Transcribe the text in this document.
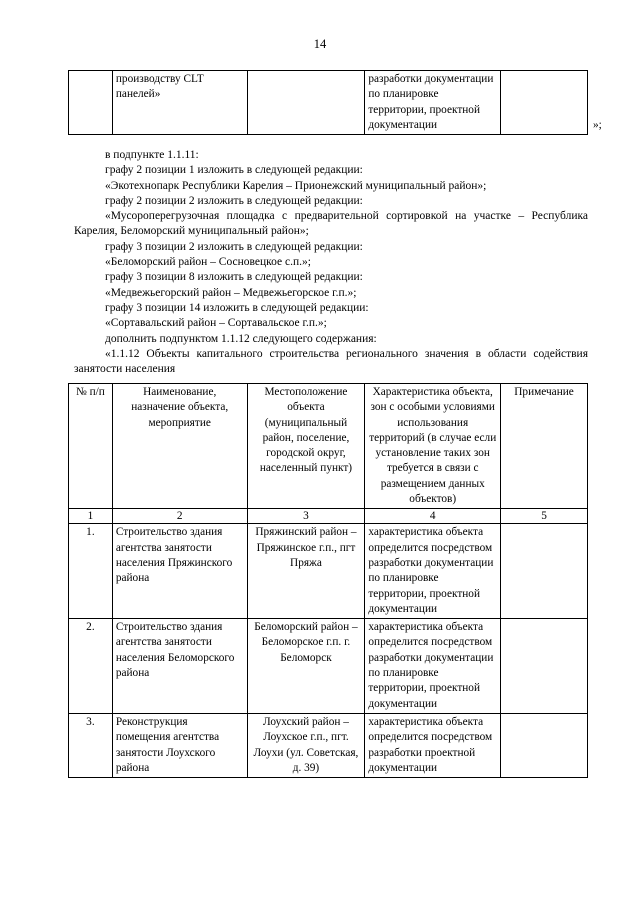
14
	производству CLT панелей»		разработки документации по планировке территории, проектной документации		»;

в подпункте 1.1.11:

графу 2 позиции 1 изложить в следующей редакции:

«Экотехнопарк Республики Карелия – Прионежский муниципальный район»;

графу 2 позиции 2 изложить в следующей редакции:

«Мусороперегрузочная площадка с предварительной сортировкой на участке – Республика Карелия, Беломорский муниципальный район»;

графу 3 позиции 2 изложить в следующей редакции:

«Беломорский район – Сосновецкое с.п.»;

графу 3 позиции 8 изложить в следующей редакции:

«Медвежьегорский район – Медвежьегорское г.п.»;

графу 3 позиции 14 изложить в следующей редакции:

«Сортавальский район – Сортавальское г.п.»;

дополнить подпунктом 1.1.12 следующего содержания:

«1.1.12 Объекты капитального строительства регионального значения в области содействия занятости населения

№ п/п	Наименование, назначение объекта, мероприятие	Местоположение объекта (муниципальный район, поселение, городской округ, населенный пункт)	Характеристика объекта, зон с особыми условиями использования территорий (в случае если установление таких зон требуется в связи с размещением данных объектов)	Примечание
1	2	3	4	5
1.	Строительство здания агентства занятости населения Пряжинского района	Пряжинский район – Пряжинское г.п., пгт Пряжа	характеристика объекта определится посредством разработки документации по планировке территории, проектной документации	
2.	Строительство здания агентства занятости населения Беломорского района	Беломорский район – Беломорское г.п. г. Беломорск	характеристика объекта определится посредством разработки документации по планировке территории, проектной документации	
3.	Реконструкция помещения агентства занятости Лоухского района	Лоухский район – Лоухское г.п., пгт. Лоухи (ул. Советская, д. 39)	характеристика объекта определится посредством разработки проектной документации	
